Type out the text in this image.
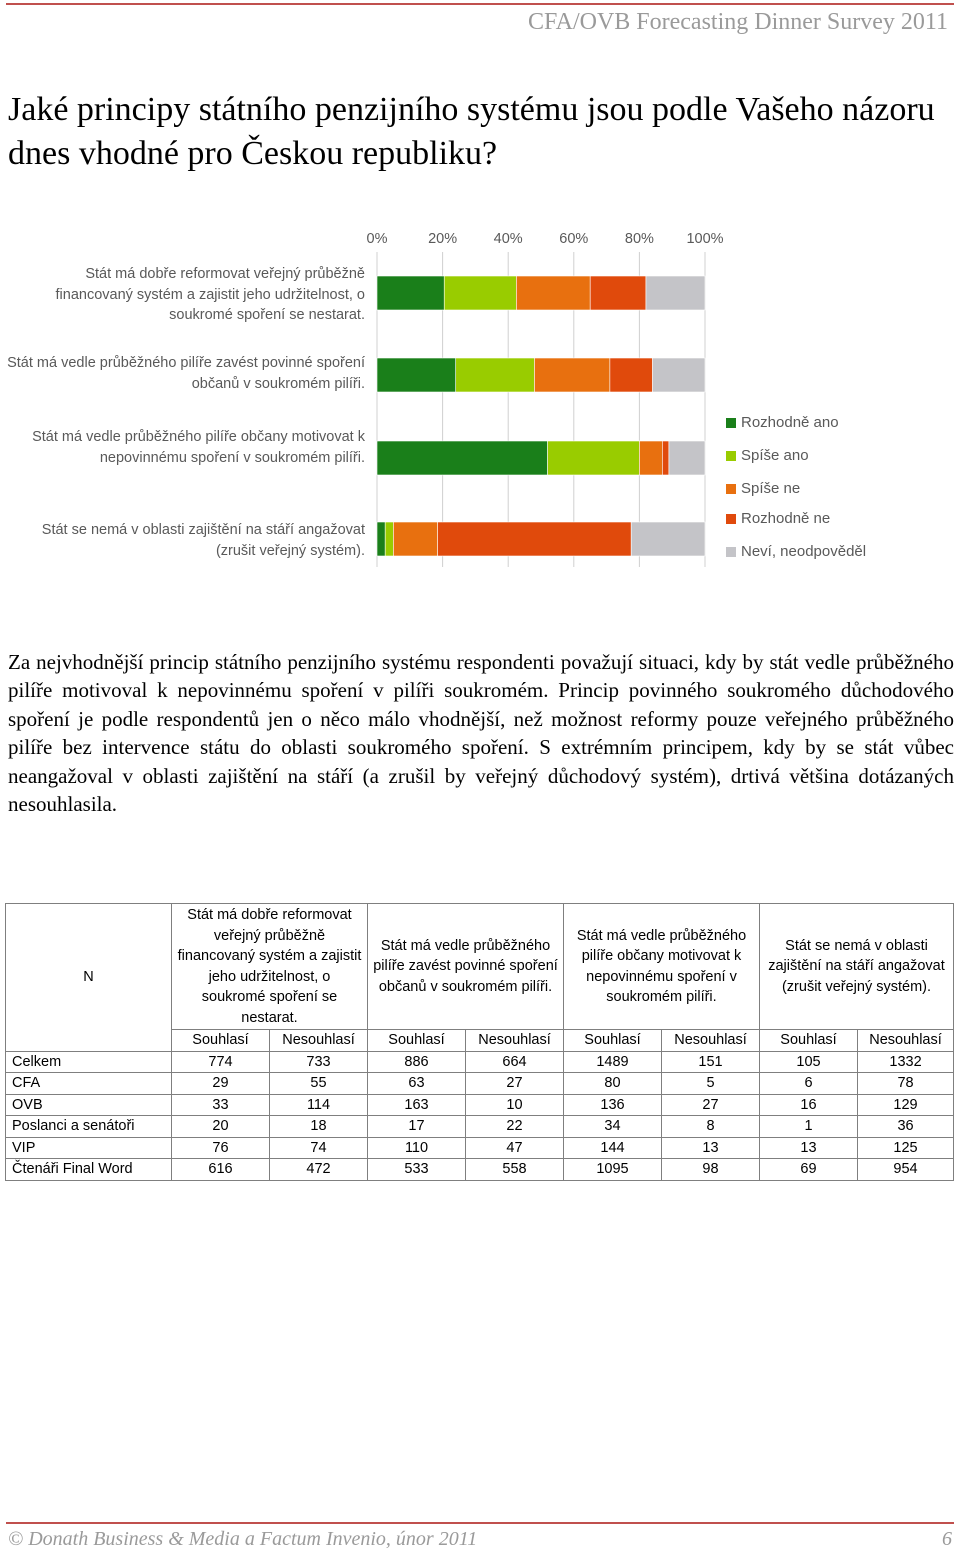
CFA/OVB Forecasting Dinner Survey 2011
Jaké principy státního penzijního systému jsou podle Vašeho názoru dnes vhodné pro Českou republiku?
0%	20%	40%	60%	80% 100%
Stát má dobře reformovat veřejný průběžně financovaný systém a zajistit jeho udržitelnost, o soukromé spoření se nestarat.
Stát má vedle průběžného pilíře zavést povinné spoření občanů v soukromém pilíři.
Stát má vedle průběžného pilíře občany motivovat k nepovinnému spoření v soukromém pilíři.
Stát se nemá v oblasti zajištění na stáří angažovat (zrušit veřejný systém).
Rozhodně ano
Spíše ano
Spíše ne
Rozhodně ne
Neví, neodpověděl
Za nejvhodnější princip státního penzijního systému respondenti považují situaci, kdy by stát vedle průběžného pilíře motivoval k nepovinnému spoření v pilíři soukromém. Princip povinného soukromého důchodového spoření je podle respondentů jen o něco málo vhodnější, než možnost reformy pouze veřejného průběžného pilíře bez intervence státu do oblasti soukromého spoření. S extrémním principem, kdy by se stát vůbec neangažoval v oblasti zajištění na stáří (a zrušil by veřejný důchodový systém), drtivá většina dotázaných nesouhlasila.
N	Stát má dobře reformovat veřejný průběžně financovaný systém a zajistit jeho udržitelnost, o soukromé spoření se nestarat.		Stát má vedle průběžného pilíře zavést povinné spoření občanů v soukromém pilíři.		Stát má vedle průběžného pilíře občany motivovat k nepovinnému spoření v soukromém pilíři.		Stát se nemá v oblasti zajištění na stáří angažovat (zrušit veřejný systém).	
	Souhlasí	Nesouhlasí	Souhlasí	Nesouhlasí	Souhlasí	Nesouhlasí	Souhlasí	Nesouhlasí
Celkem	774	733	886	664	1489	151	105	1332
CFA	29	55	63	27	80	5	6	78
OVB	33	114	163	10	136	27	16	129
Poslanci a senátoři	20	18	17	22	34	8	1	36
VIP	76	74	110	47	144	13	13	125
Čtenáři Final Word	616	472	533	558	1095	98	69	954
© Donath Business & Media a Factum Invenio, únor 2011	6
